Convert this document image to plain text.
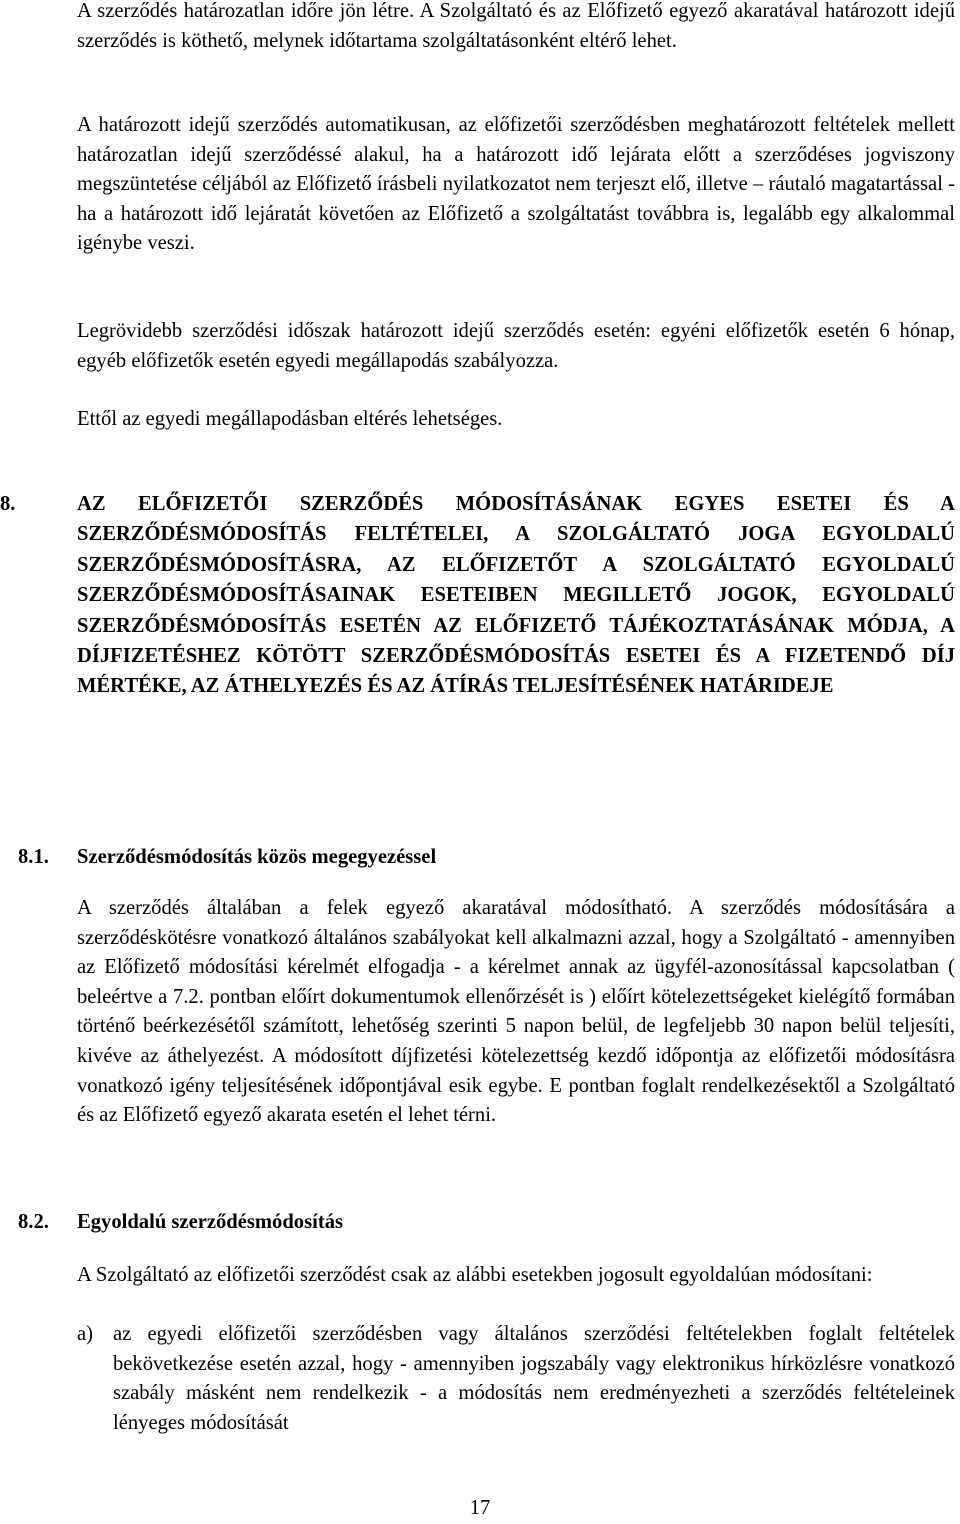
A szerződés határozatlan időre jön létre. A Szolgáltató és az Előfizető egyező akaratával határozott idejű szerződés is köthető, melynek időtartama szolgáltatásonként eltérő lehet.

A határozott idejű szerződés automatikusan, az előfizetői szerződésben meghatározott feltételek mellett határozatlan idejű szerződéssé alakul, ha a határozott idő lejárata előtt a szerződéses jogviszony megszüntetése céljából az Előfizető írásbeli nyilatkozatot nem terjeszt elő, illetve – ráutaló magatartással - ha a határozott idő lejáratát követően az Előfizető a szolgáltatást továbbra is, legalább egy alkalommal igénybe veszi.

Legrövidebb szerződési időszak határozott idejű szerződés esetén: egyéni előfizetők esetén 6 hónap, egyéb előfizetők esetén egyedi megállapodás szabályozza.

Ettől az egyedi megállapodásban eltérés lehetséges.

8.	AZ ELŐFIZETŐI SZERZŐDÉS MÓDOSÍTÁSÁNAK EGYES ESETEI ÉS A SZERZŐDÉSMÓDOSÍTÁS FELTÉTELEI, A SZOLGÁLTATÓ JOGA EGYOLDALÚ SZERZŐDÉSMÓDOSÍTÁSRA, AZ ELŐFIZETŐT A SZOLGÁLTATÓ EGYOLDALÚ SZERZŐDÉSMÓDOSÍTÁSAINAK ESETEIBEN MEGILLETŐ JOGOK, EGYOLDALÚ SZERZŐDÉSMÓDOSÍTÁS ESETÉN AZ ELŐFIZETŐ TÁJÉKOZTATÁSÁNAK MÓDJA, A DÍJFIZETÉSHEZ KÖTÖTT SZERZŐDÉSMÓDOSÍTÁS ESETEI ÉS A FIZETENDŐ DÍJ MÉRTÉKE, AZ ÁTHELYEZÉS ÉS AZ ÁTÍRÁS TELJESÍTÉSÉNEK HATÁRIDEJE
8.1. Szerződésmódosítás közös megegyezéssel

A szerződés általában a felek egyező akaratával módosítható. A szerződés módosítására a szerződéskötésre vonatkozó általános szabályokat kell alkalmazni azzal, hogy a Szolgáltató - amennyiben az Előfizető módosítási kérelmét elfogadja - a kérelmet annak az ügyfél-azonosítással kapcsolatban ( beleértve a 7.2. pontban előírt dokumentumok ellenőrzését is ) előírt kötelezettségeket kielégítő formában történő beérkezésétől számított, lehetőség szerinti 5 napon belül, de legfeljebb 30 napon belül teljesíti, kivéve az áthelyezést. A módosított díjfizetési kötelezettség kezdő időpontja az előfizetői módosításra vonatkozó igény teljesítésének időpontjával esik egybe. E pontban foglalt rendelkezésektől a Szolgáltató és az Előfizető egyező akarata esetén el lehet térni.

8.2. Egyoldalú szerződésmódosítás

A Szolgáltató az előfizetői szerződést csak az alábbi esetekben jogosult egyoldalúan módosítani:

a) az egyedi előfizetői szerződésben vagy általános szerződési feltételekben foglalt feltételek bekövetkezése esetén azzal, hogy - amennyiben jogszabály vagy elektronikus hírközlésre vonatkozó szabály másként nem rendelkezik - a módosítás nem eredményezheti a szerződés feltételeinek lényeges módosítását

17
